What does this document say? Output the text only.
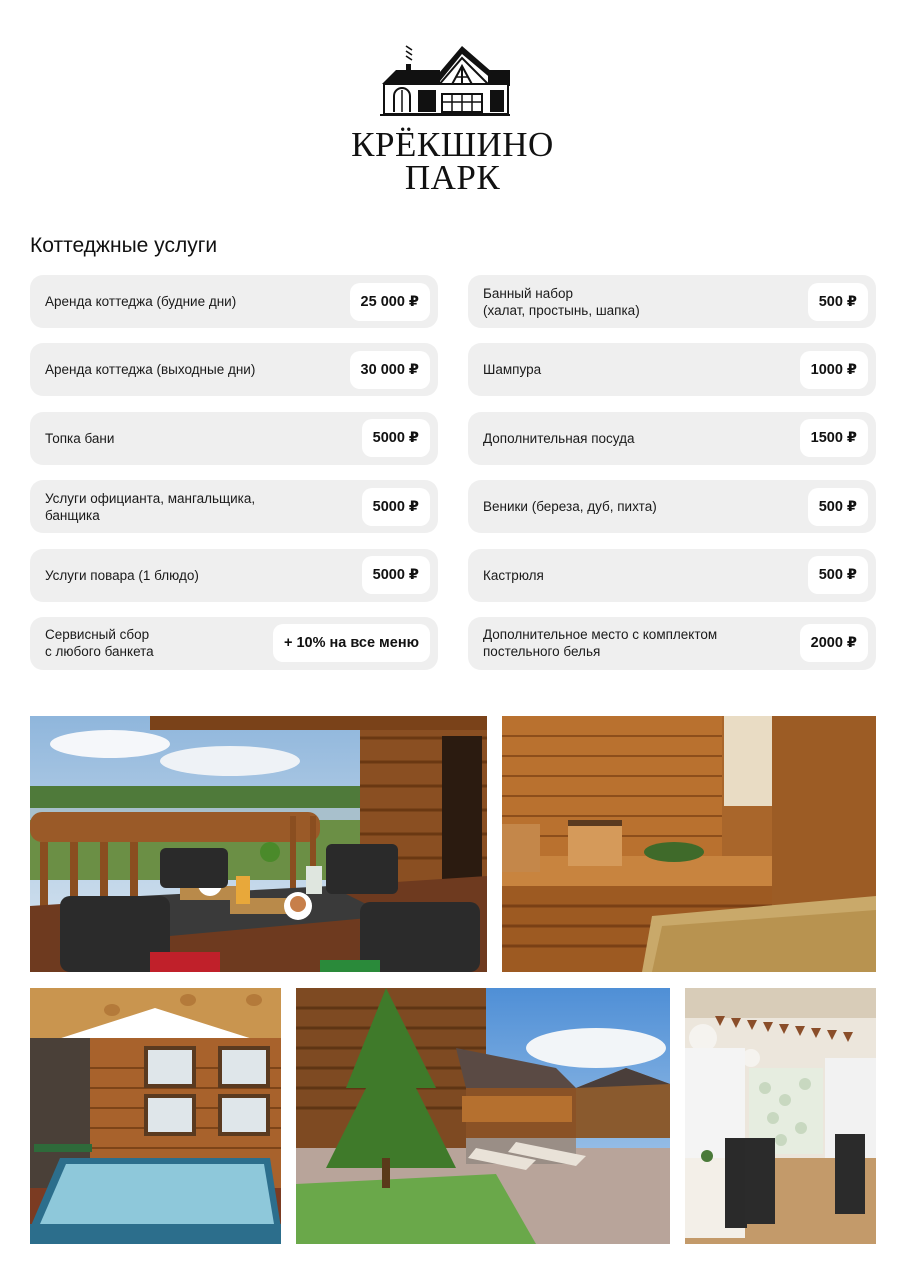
КРЁКШИНО
ПАРК
Коттеджные услуги
Аренда коттеджа (будние дни)	25 000 ₽
Аренда коттеджа (выходные дни)	30 000 ₽
Топка бани	5000 ₽
Услуги официанта, мангальщика,
банщика
5000 ₽
Услуги повара (1 блюдо)	5000 ₽
Сервисный сбор
с любого банкета
+ 10% на все меню
Банный набор
(халат, простынь, шапка)
500 ₽
Шампура	1000 ₽
Дополнительная посуда	1500 ₽
Веники (береза, дуб, пихта)	500 ₽
Кастрюля	500 ₽
Дополнительное место с комплектом
постельного белья
2000 ₽
